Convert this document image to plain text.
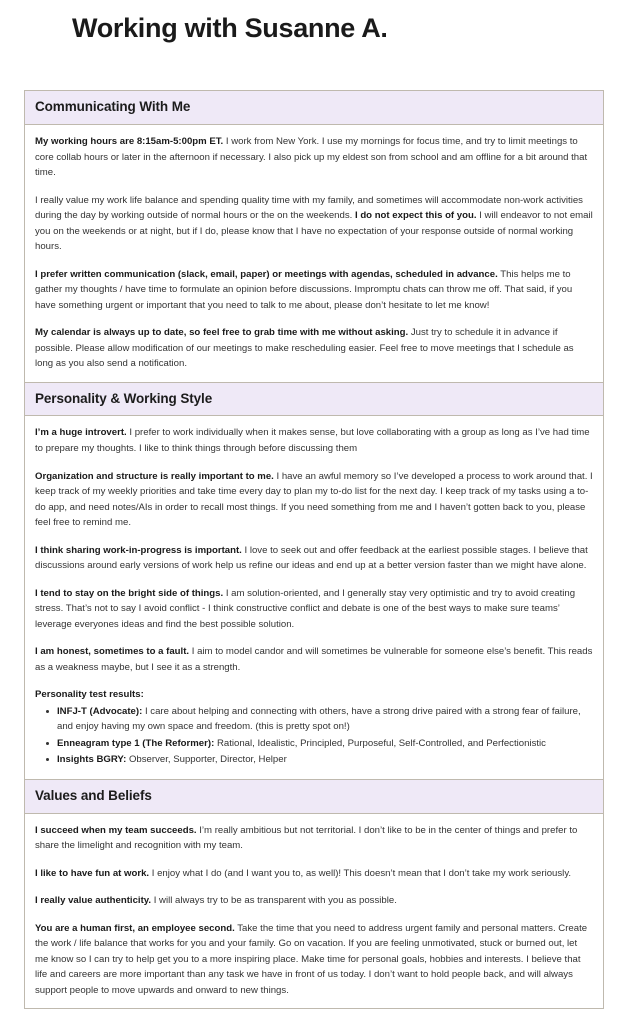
Working with Susanne A.
Communicating With Me

My working hours are 8:15am-5:00pm ET. I work from New York. I use my mornings for focus time, and try to limit meetings to core collab hours or later in the afternoon if necessary. I also pick up my eldest son from school and am offline for a bit around that time.

I really value my work life balance and spending quality time with my family, and sometimes will accommodate non-work activities during the day by working outside of normal hours or the on the weekends. I do not expect this of you. I will endeavor to not email you on the weekends or at night, but if I do, please know that I have no expectation of your response outside of normal working hours.

I prefer written communication (slack, email, paper) or meetings with agendas, scheduled in advance. This helps me to gather my thoughts / have time to formulate an opinion before discussions. Impromptu chats can throw me off. That said, if you have something urgent or important that you need to talk to me about, please don’t hesitate to let me know!

My calendar is always up to date, so feel free to grab time with me without asking. Just try to schedule it in advance if possible. Please allow modification of our meetings to make rescheduling easier. Feel free to move meetings that I schedule as long as you also send a notification.

Personality & Working Style

I’m a huge introvert. I prefer to work individually when it makes sense, but love collaborating with a group as long as I’ve had time to prepare my thoughts. I like to think things through before discussing them

Organization and structure is really important to me. I have an awful memory so I’ve developed a process to work around that. I keep track of my weekly priorities and take time every day to plan my to-do list for the next day. I keep track of my tasks using a to-do app, and need notes/AIs in order to recall most things. If you need something from me and I haven’t gotten back to you, please feel free to remind me.

I think sharing work-in-progress is important. I love to seek out and offer feedback at the earliest possible stages. I believe that discussions around early versions of work help us refine our ideas and end up at a better version faster than we might have alone.

I tend to stay on the bright side of things. I am solution-oriented, and I generally stay very optimistic and try to avoid creating stress. That’s not to say I avoid conflict - I think constructive conflict and debate is one of the best ways to make sure teams’ leverage everyones ideas and find the best possible solution.

I am honest, sometimes to a fault. I aim to model candor and will sometimes be vulnerable for someone else’s benefit. This reads as a weakness maybe, but I see it as a strength.

Personality test results:
INFJ-T (Advocate): I care about helping and connecting with others, have a strong drive paired with a strong fear of failure, and enjoy having my own space and freedom. (this is pretty spot on!)
Enneagram type 1 (The Reformer): Rational, Idealistic, Principled, Purposeful, Self-Controlled, and Perfectionistic
Insights BGRY: Observer, Supporter, Director, Helper
Values and Beliefs

I succeed when my team succeeds. I’m really ambitious but not territorial. I don’t like to be in the center of things and prefer to share the limelight and recognition with my team.

I like to have fun at work. I enjoy what I do (and I want you to, as well)! This doesn’t mean that I don’t take my work seriously.

I really value authenticity. I will always try to be as transparent with you as possible.

You are a human first, an employee second. Take the time that you need to address urgent family and personal matters. Create the work / life balance that works for you and your family. Go on vacation. If you are feeling unmotivated, stuck or burned out, let me know so I can try to help get you to a more inspiring place. Make time for personal goals, hobbies and interests. I believe that life and careers are more important than any task we have in front of us today. I don’t want to hold people back, and will always support people to move upwards and onward to new things.
